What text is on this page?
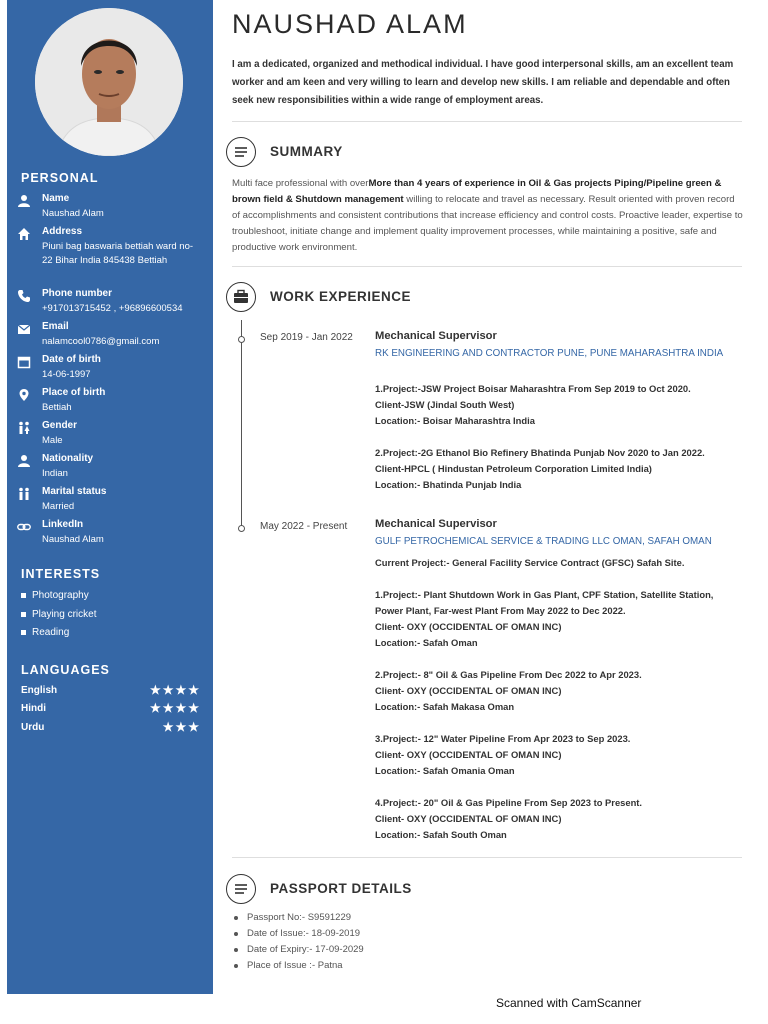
PERSONAL
Name
Naushad Alam
Address
Piuni bag baswaria bettiah ward no-22 Bihar India 845438 Bettiah
Phone number
+917013715452 , +96896600534
Email
nalamcool0786@gmail.com
Date of birth
14-06-1997
Place of birth
Bettiah
Gender
Male
Nationality
Indian
Marital status
Married
LinkedIn
Naushad Alam
INTERESTS
Photography
Playing cricket
Reading
LANGUAGES
English	★★★★
Hindi	★★★★
Urdu	★★★
NAUSHAD ALAM

I am a dedicated, organized and methodical individual. I have good interpersonal skills, am an excellent team worker and am keen and very willing to learn and develop new skills. I am reliable and dependable and often seek new responsibilities within a wide range of employment areas.

SUMMARY

Multi face professional with overMore than 4 years of experience in Oil & Gas projects Piping/Pipeline green & brown field & Shutdown management willing to relocate and travel as necessary. Result oriented with proven record of accomplishments and consistent contributions that increase efficiency and control costs. Proactive leader, expertise to troubleshoot, initiate change and implement quality improvement processes, while maintaining a positive, safe and productive work environment.

WORK EXPERIENCE
Sep 2019 - Jan 2022 Mechanical Supervisor
RK ENGINEERING AND CONTRACTOR PUNE, PUNE MAHARASHTRA INDIA

1.Project:-JSW Project Boisar Maharashtra From Sep 2019 to Oct 2020.
Client-JSW (Jindal South West)
Location:- Boisar Maharashtra India

2.Project:-2G Ethanol Bio Refinery Bhatinda Punjab Nov 2020 to Jan 2022.
Client-HPCL ( Hindustan Petroleum Corporation Limited India)
Location:- Bhatinda Punjab India

May 2022 - Present Mechanical Supervisor
GULF PETROCHEMICAL SERVICE & TRADING LLC OMAN, SAFAH OMAN

Current Project:- General Facility Service Contract (GFSC) Safah Site.

1.Project:- Plant Shutdown Work in Gas Plant, CPF Station, Satellite Station, Power Plant, Far-west Plant From May 2022 to Dec 2022.
Client- OXY (OCCIDENTAL OF OMAN INC)
Location:- Safah Oman

2.Project:- 8" Oil & Gas Pipeline From Dec 2022 to Apr 2023.
Client- OXY (OCCIDENTAL OF OMAN INC)
Location:- Safah Makasa Oman

3.Project:- 12" Water Pipeline From Apr 2023 to Sep 2023.
Client- OXY (OCCIDENTAL OF OMAN INC)
Location:- Safah Omania Oman

4.Project:- 20" Oil & Gas Pipeline From Sep 2023 to Present.
Client- OXY (OCCIDENTAL OF OMAN INC)
Location:- Safah South Oman

PASSPORT DETAILS
Passport No:- S9591229
Date of Issue:- 18-09-2019
Date of Expiry:- 17-09-2029
Place of Issue :- Patna
Scanned with CamScanner
